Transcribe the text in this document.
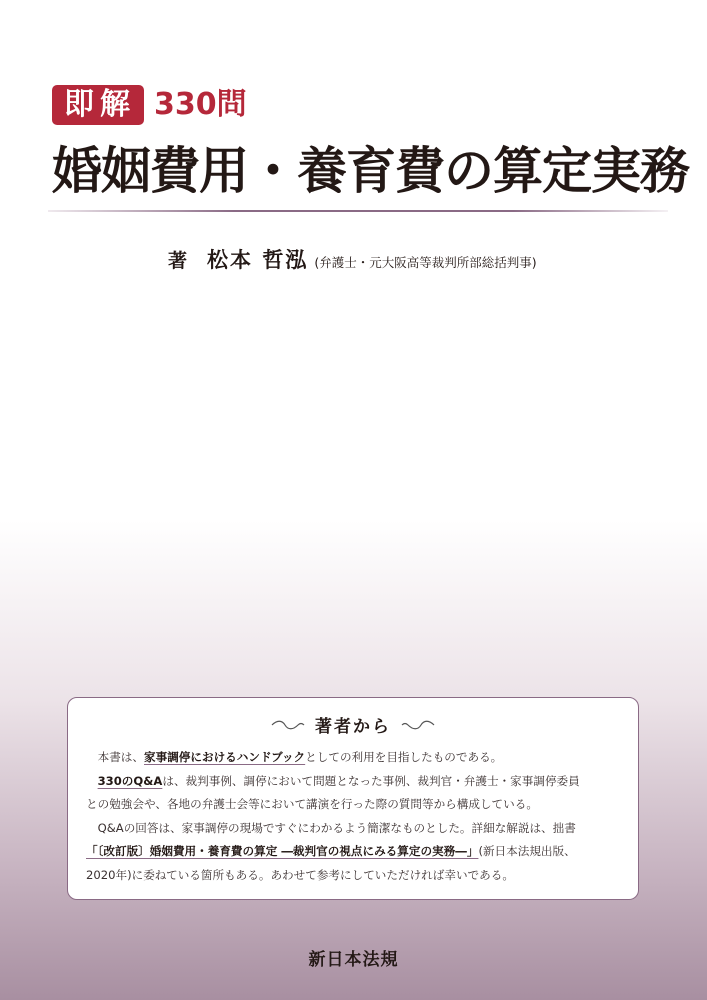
即解 330問
婚姻費用・養育費の算定実務
著 松本 哲泓 (弁護士・元大阪高等裁判所部総括判事)
著者から

　本書は、家事調停におけるハンドブックとしての利用を目指したものである。

　330のQ&Aは、裁判事例、調停において問題となった事例、裁判官・弁護士・家事調停委員

との勉強会や、各地の弁護士会等において講演を行った際の質問等から構成している。

　Q&Aの回答は、家事調停の現場ですぐにわかるよう簡潔なものとした。詳細な解説は、拙書

「〔改訂版〕婚姻費用・養育費の算定 ―裁判官の視点にみる算定の実務―」(新日本法規出版、

2020年)に委ねている箇所もある。あわせて参考にしていただければ幸いである。

新日本法規
